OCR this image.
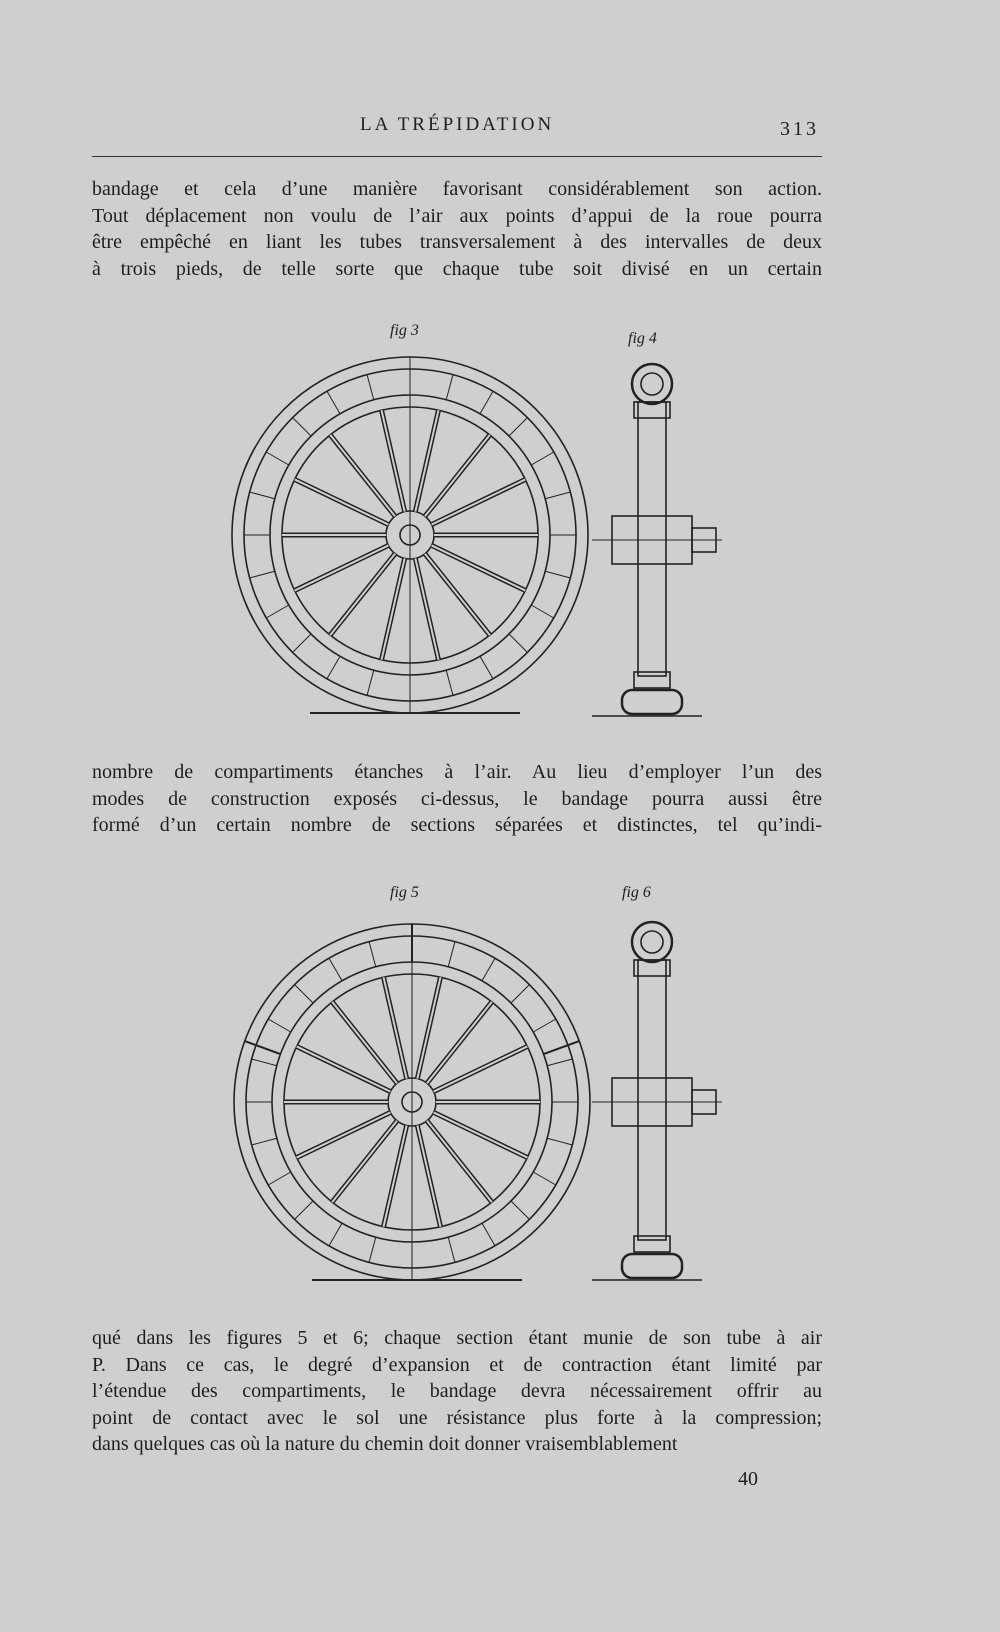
LA TRÉPIDATION	313
bandage et cela d’une manière favorisant considérablement son action.
Tout déplacement non voulu de l’air aux points d’appui de la roue pourra
être empêché en liant les tubes transversalement à des intervalles de deux
à trois pieds, de telle sorte que chaque tube soit divisé en un certain
nombre de compartiments étanches à l’air. Au lieu d’employer l’un des
modes de construction exposés ci-dessus, le bandage pourra aussi être
formé d’un certain nombre de sections séparées et distinctes, tel qu’indi-
qué dans les figures 5 et 6; chaque section étant munie de son tube à air
P. Dans ce cas, le degré d’expansion et de contraction étant limité par
l’étendue des compartiments, le bandage devra nécessairement offrir au
point de contact avec le sol une résistance plus forte à la compression;
dans quelques cas où la nature du chemin doit donner vraisemblablement
fig 3	fig 4
fig 5	fig 6
40
